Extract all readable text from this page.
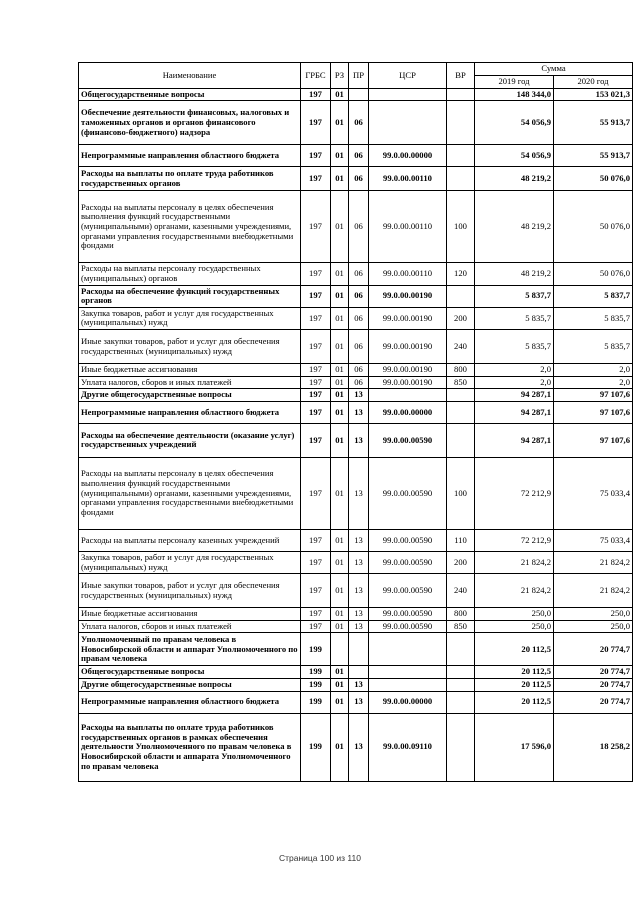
Наименование	ГРБС	РЗ	ПР	ЦСР	ВР	Сумма	
						2019 год	2020 год
Общегосударственные вопросы	197	01				148 344,0	153 021,3
Обеспечение деятельности финансовых, налоговых и таможенных органов и органов финансового (финансово-бюджетного) надзора	197	01	06			54 056,9	55 913,7
Непрограммные направления областного бюджета	197	01	06	99.0.00.00000		54 056,9	55 913,7
Расходы на выплаты по оплате труда работников государственных органов	197	01	06	99.0.00.00110		48 219,2	50 076,0
Расходы на выплаты персоналу в целях обеспечения выполнения функций государственными (муниципальными) органами, казенными учреждениями, органами управления государственными внебюджетными фондами	197	01	06	99.0.00.00110	100	48 219,2	50 076,0
Расходы на выплаты персоналу государственных (муниципальных) органов	197	01	06	99.0.00.00110	120	48 219,2	50 076,0
Расходы на обеспечение функций государственных органов	197	01	06	99.0.00.00190		5 837,7	5 837,7
Закупка товаров, работ и услуг для государственных (муниципальных) нужд	197	01	06	99.0.00.00190	200	5 835,7	5 835,7
Иные закупки товаров, работ и услуг для обеспечения государственных (муниципальных) нужд	197	01	06	99.0.00.00190	240	5 835,7	5 835,7
Иные бюджетные ассигнования	197	01	06	99.0.00.00190	800	2,0	2,0
Уплата налогов, сборов и иных платежей	197	01	06	99.0.00.00190	850	2,0	2,0
Другие общегосударственные вопросы	197	01	13			94 287,1	97 107,6
Непрограммные направления областного бюджета	197	01	13	99.0.00.00000		94 287,1	97 107,6
Расходы на обеспечение деятельности (оказание услуг) государственных учреждений	197	01	13	99.0.00.00590		94 287,1	97 107,6
Расходы на выплаты персоналу в целях обеспечения выполнения функций государственными (муниципальными) органами, казенными учреждениями, органами управления государственными внебюджетными фондами	197	01	13	99.0.00.00590	100	72 212,9	75 033,4
Расходы на выплаты персоналу казенных учреждений	197	01	13	99.0.00.00590	110	72 212,9	75 033,4
Закупка товаров, работ и услуг для государственных (муниципальных) нужд	197	01	13	99.0.00.00590	200	21 824,2	21 824,2
Иные закупки товаров, работ и услуг для обеспечения государственных (муниципальных) нужд	197	01	13	99.0.00.00590	240	21 824,2	21 824,2
Иные бюджетные ассигнования	197	01	13	99.0.00.00590	800	250,0	250,0
Уплата налогов, сборов и иных платежей	197	01	13	99.0.00.00590	850	250,0	250,0
Уполномоченный по правам человека в Новосибирской области и аппарат Уполномоченного по правам человека	199					20 112,5	20 774,7
Общегосударственные вопросы	199	01				20 112,5	20 774,7
Другие общегосударственные вопросы	199	01	13			20 112,5	20 774,7
Непрограммные направления областного бюджета	199	01	13	99.0.00.00000		20 112,5	20 774,7
Расходы на выплаты по оплате труда работников государственных органов в рамках обеспечения деятельности Уполномоченного по правам человека в Новосибирской области и аппарата Уполномоченного по правам человека	199	01	13	99.0.00.09110		17 596,0	18 258,2
Страница 100 из 110
